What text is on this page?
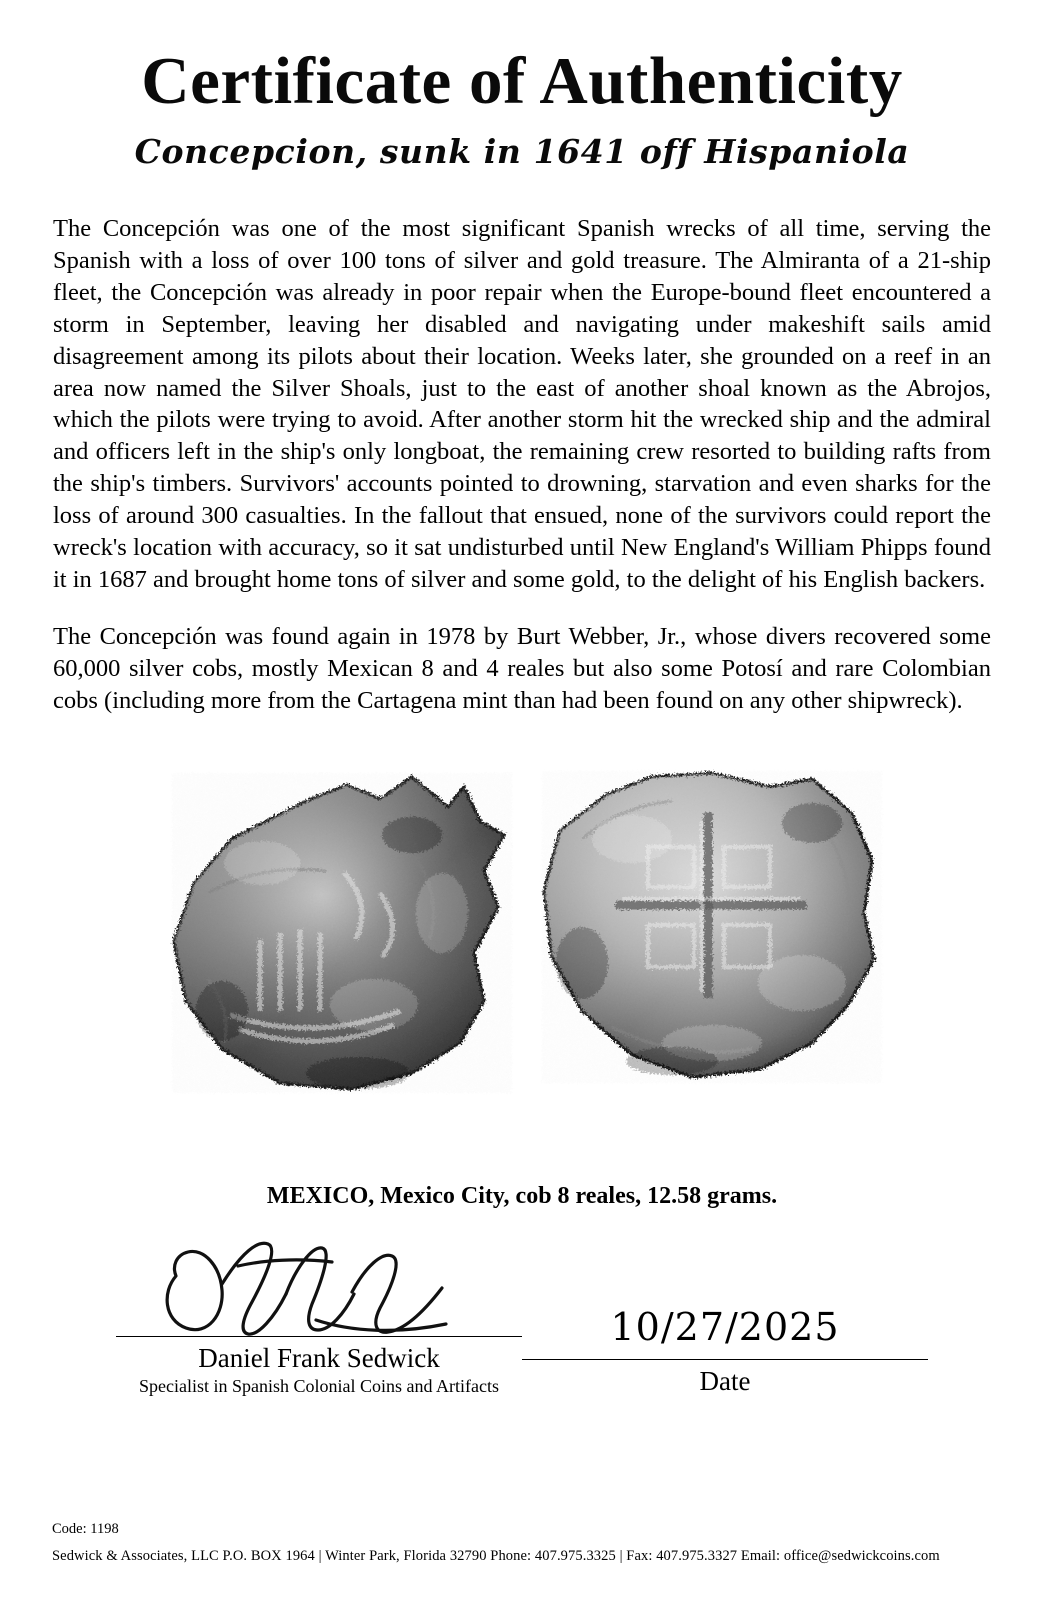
Certificate of Authenticity
Concepcion, sunk in 1641 off Hispaniola

The Concepción was one of the most significant Spanish wrecks of all time, serving the Spanish with a loss of over 100 tons of silver and gold treasure. The Almiranta of a 21-ship fleet, the Concepción was already in poor repair when the Europe-bound fleet encountered a storm in September, leaving her disabled and navigating under makeshift sails amid disagreement among its pilots about their location. Weeks later, she grounded on a reef in an area now named the Silver Shoals, just to the east of another shoal known as the Abrojos, which the pilots were trying to avoid. After another storm hit the wrecked ship and the admiral and officers left in the ship's only longboat, the remaining crew resorted to building rafts from the ship's timbers. Survivors' accounts pointed to drowning, starvation and even sharks for the loss of around 300 casualties. In the fallout that ensued, none of the survivors could report the wreck's location with accuracy, so it sat undisturbed until New England's William Phipps found it in 1687 and brought home tons of silver and some gold, to the delight of his English backers.

The Concepción was found again in 1978 by Burt Webber, Jr., whose divers recovered some 60,000 silver cobs, mostly Mexican 8 and 4 reales but also some Potosí and rare Colombian cobs (including more from the Cartagena mint than had been found on any other shipwreck).

MEXICO, Mexico City, cob 8 reales, 12.58 grams.
Daniel Frank Sedwick
Specialist in Spanish Colonial Coins and Artifacts
10/27/2025
Date
Code: 1198
Sedwick & Associates, LLC P.O. BOX 1964 | Winter Park, Florida 32790 Phone: 407.975.3325 | Fax: 407.975.3327 Email: office@sedwickcoins.com
